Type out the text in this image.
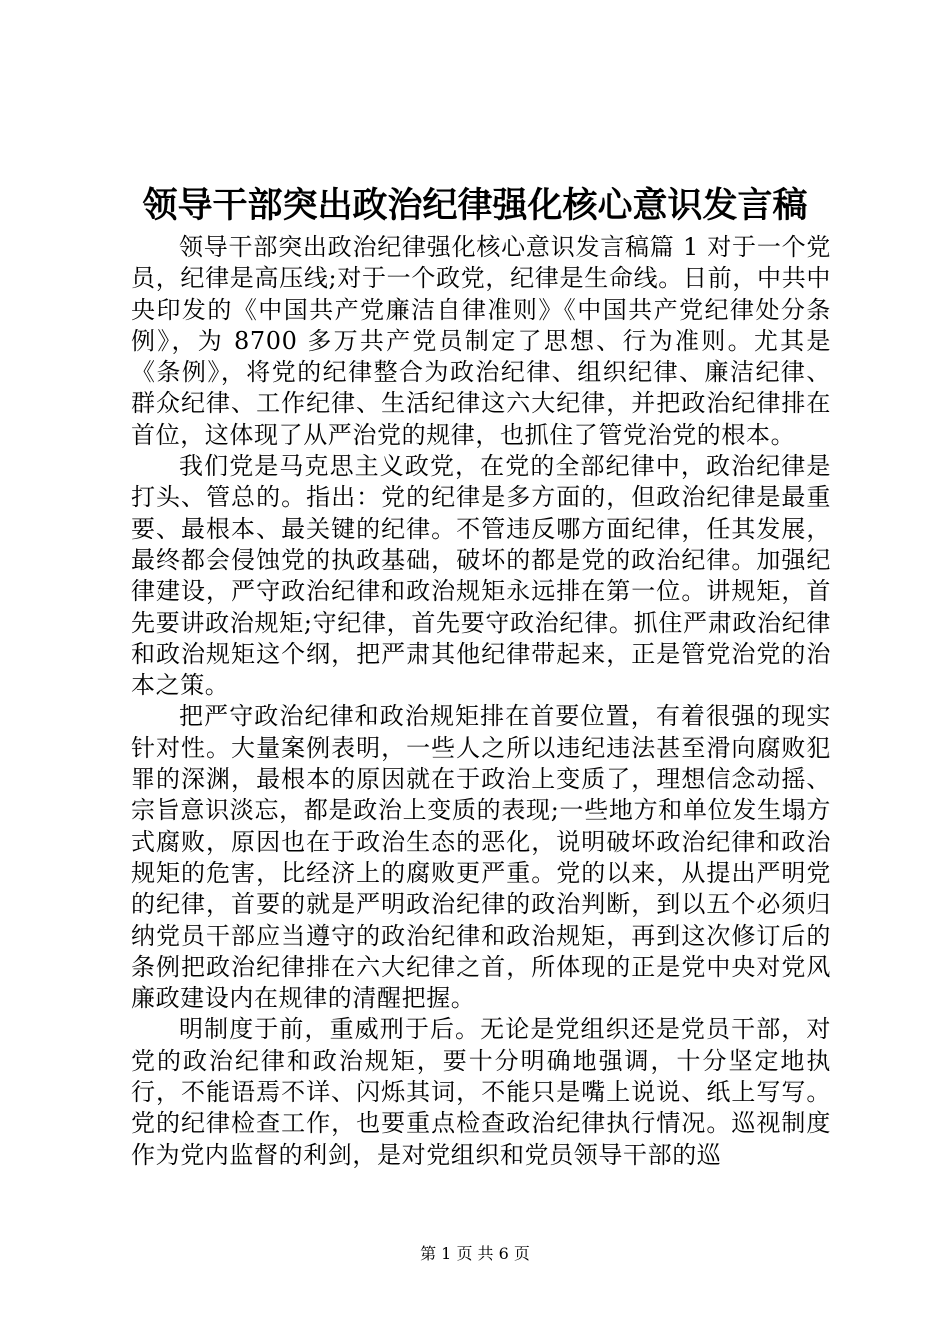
领导干部突出政治纪律强化核心意识发言稿

领导干部突出政治纪律强化核心意识发言稿篇 1 对于一个党员，纪律是高压线;对于一个政党，纪律是生命线。日前，中共中央印发的《中国共产党廉洁自律准则》《中国共产党纪律处分条例》，为 8700 多万共产党员制定了思想、行为准则。尤其是《条例》，将党的纪律整合为政治纪律、组织纪律、廉洁纪律、群众纪律、工作纪律、生活纪律这六大纪律，并把政治纪律排在首位，这体现了从严治党的规律，也抓住了管党治党的根本。

我们党是马克思主义政党，在党的全部纪律中，政治纪律是打头、管总的。指出：党的纪律是多方面的，但政治纪律是最重要、最根本、最关键的纪律。不管违反哪方面纪律，任其发展，最终都会侵蚀党的执政基础，破坏的都是党的政治纪律。加强纪律建设，严守政治纪律和政治规矩永远排在第一位。讲规矩，首先要讲政治规矩;守纪律，首先要守政治纪律。抓住严肃政治纪律和政治规矩这个纲，把严肃其他纪律带起来，正是管党治党的治本之策。

把严守政治纪律和政治规矩排在首要位置，有着很强的现实针对性。大量案例表明，一些人之所以违纪违法甚至滑向腐败犯罪的深渊，最根本的原因就在于政治上变质了，理想信念动摇、宗旨意识淡忘，都是政治上变质的表现;一些地方和单位发生塌方式腐败，原因也在于政治生态的恶化，说明破坏政治纪律和政治规矩的危害，比经济上的腐败更严重。党的以来，从提出严明党的纪律，首要的就是严明政治纪律的政治判断，到以五个必须归纳党员干部应当遵守的政治纪律和政治规矩，再到这次修订后的条例把政治纪律排在六大纪律之首，所体现的正是党中央对党风廉政建设内在规律的清醒把握。

明制度于前，重威刑于后。无论是党组织还是党员干部，对党的政治纪律和政治规矩，要十分明确地强调，十分坚定地执行，不能语焉不详、闪烁其词，不能只是嘴上说说、纸上写写。党的纪律检查工作，也要重点检查政治纪律执行情况。巡视制度作为党内监督的利剑，是对党组织和党员领导干部的巡

第 1 页 共 6 页
